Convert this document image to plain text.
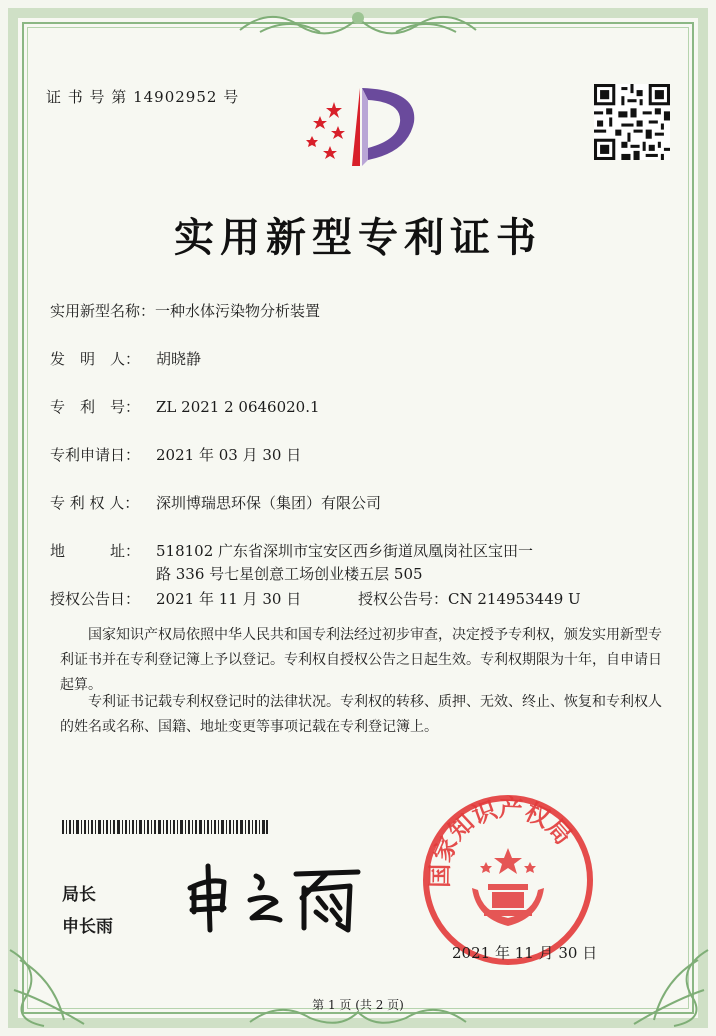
证 书 号 第 14902952 号

实用新型专利证书
实用新型名称：一种水体污染物分析装置
发　明　人： 胡晓静
专　利　号： ZL 2021 2 0646020.1
专利申请日： 2021 年 03 月 30 日
专 利 权 人： 深圳博瑞思环保（集团）有限公司
地　　　址： 518102 广东省深圳市宝安区西乡街道凤凰岗社区宝田一
路 336 号七星创意工场创业楼五层 505
授权公告日： 2021 年 11 月 30 日	授权公告号：CN 214953449 U

国家知识产权局依照中华人民共和国专利法经过初步审查，决定授予专利权，颁发实用新型专利证书并在专利登记簿上予以登记。专利权自授权公告之日起生效。专利权期限为十年，自申请日起算。

专利证书记载专利权登记时的法律状况。专利权的转移、质押、无效、终止、恢复和专利权人的姓名或名称、国籍、地址变更等事项记载在专利登记簿上。

局长

申长雨

国家知识产权局

2021 年 11 月 30 日

第 1 页 (共 2 页)
